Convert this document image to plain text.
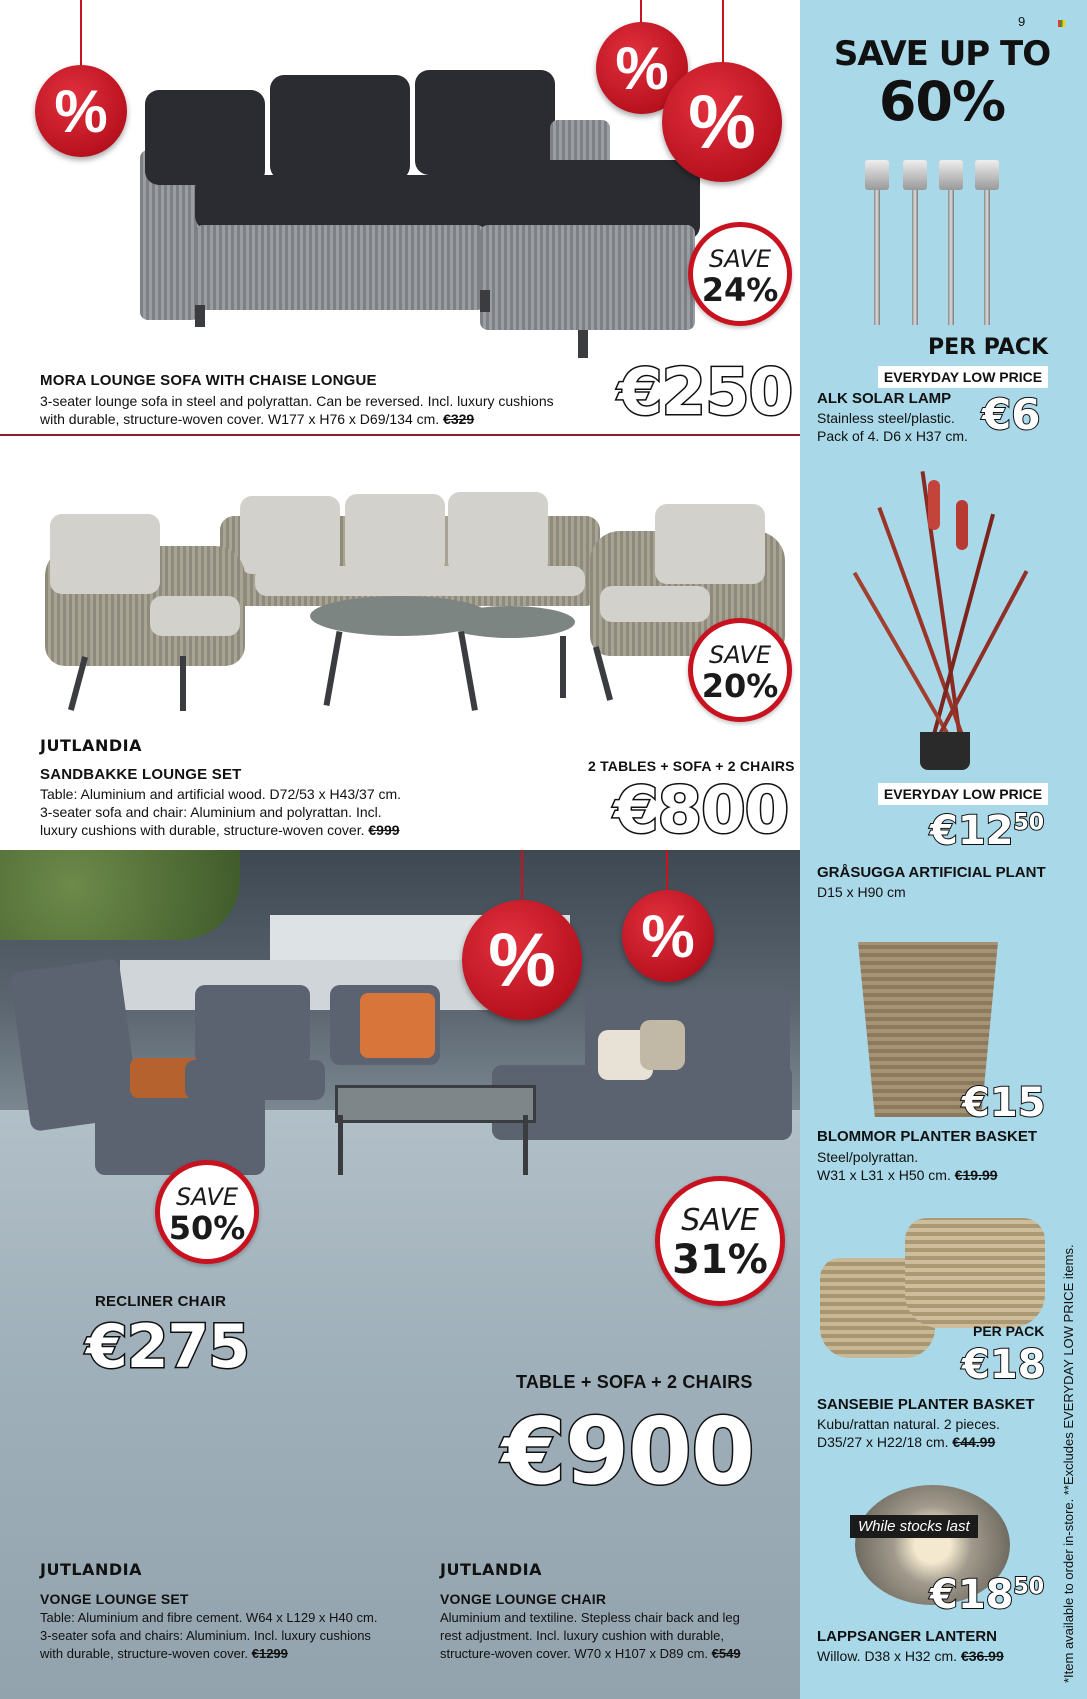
%
%
%
SAVE
24%
MORA LOUNGE SOFA WITH CHAISE LONGUE
3-seater lounge sofa in steel and polyrattan. Can be reversed. Incl. luxury cushions
with durable, structure-woven cover. W177 x H76 x D69/134 cm. €329	€250
SAVE
20%
JUTLANDIA
SANDBAKKE LOUNGE SET
Table: Aluminium and artificial wood. D72/53 x H43/37 cm.
3-seater sofa and chair: Aluminium and polyrattan. Incl.
luxury cushions with durable, structure-woven cover. €999
2 TABLES + SOFA + 2 CHAIRS
€800
% %
SAVE
50%
RECLINER CHAIR
€275
SAVE
31%
TABLE + SOFA + 2 CHAIRS
€900
JUTLANDIA
VONGE LOUNGE SET
Table: Aluminium and fibre cement. W64 x L129 x H40 cm.
3-seater sofa and chairs: Aluminium. Incl. luxury cushions
with durable, structure-woven cover. €1299
JUTLANDIA
VONGE LOUNGE CHAIR
Aluminium and textiline. Stepless chair back and leg
rest adjustment. Incl. luxury cushion with durable,
structure-woven cover. W70 x H107 x D89 cm. €549
9
SAVE UP TO
60%
PER PACK
EVERYDAY LOW PRICE
ALK SOLAR LAMP
Stainless steel/plastic.
Pack of 4. D6 x H37 cm. €6
EVERYDAY LOW PRICE
$€12^{50}$
GRÅSUGGA ARTIFICIAL PLANT
D15 x H90 cm
€15
BLOMMOR PLANTER BASKET
Steel/polyrattan.
W31 x L31 x H50 cm. €19.99
PER PACK
€18
SANSEBIE PLANTER BASKET
Kubu/rattan natural. 2 pieces.
D35/27 x H22/18 cm. €44.99
While stocks last
$€18^{50}$
LAPPSANGER LANTERN
Willow. D38 x H32 cm. €36.99	*Item available to order in-store. **Excludes EVERYDAY LOW PRICE items.
